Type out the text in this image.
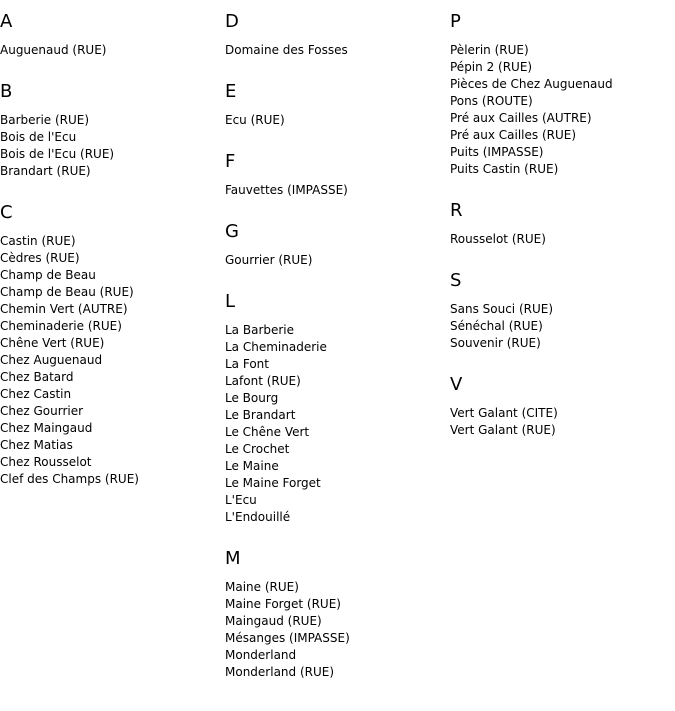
A
Auguenaud (RUE)
B
Barberie (RUE)
Bois de l'Ecu
Bois de l'Ecu (RUE)
Brandart (RUE)
C
Castin (RUE)
Cèdres (RUE)
Champ de Beau
Champ de Beau (RUE)
Chemin Vert (AUTRE)
Cheminaderie (RUE)
Chêne Vert (RUE)
Chez Auguenaud
Chez Batard
Chez Castin
Chez Gourrier
Chez Maingaud
Chez Matias
Chez Rousselot
Clef des Champs (RUE)
D
Domaine des Fosses
E
Ecu (RUE)
F
Fauvettes (IMPASSE)
G
Gourrier (RUE)
L
La Barberie
La Cheminaderie
La Font
Lafont (RUE)
Le Bourg
Le Brandart
Le Chêne Vert
Le Crochet
Le Maine
Le Maine Forget
L'Ecu
L'Endouillé
M
Maine (RUE)
Maine Forget (RUE)
Maingaud (RUE)
Mésanges (IMPASSE)
Monderland
Monderland (RUE)
P
Pèlerin (RUE)
Pépin 2 (RUE)
Pièces de Chez Auguenaud
Pons (ROUTE)
Pré aux Cailles (AUTRE)
Pré aux Cailles (RUE)
Puits (IMPASSE)
Puits Castin (RUE)
R
Rousselot (RUE)
S
Sans Souci (RUE)
Sénéchal (RUE)
Souvenir (RUE)
V
Vert Galant (CITE)
Vert Galant (RUE)
